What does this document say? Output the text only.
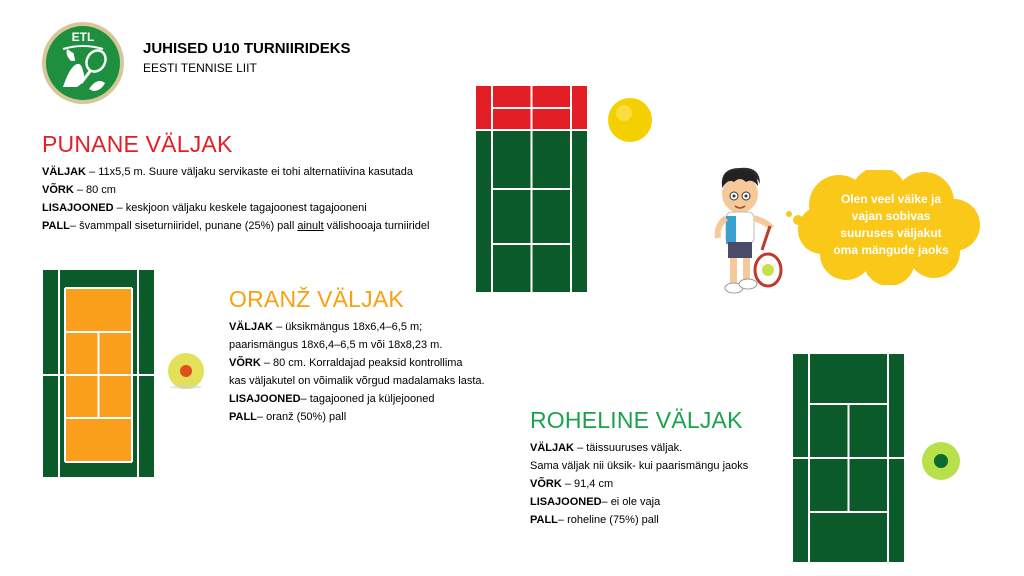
ETL
JUHISED U10 TURNIIRIDEKS
EESTI TENNISE LIIT
PUNANE VÄLJAK
VÄLJAK – 11x5,5 m. Suure väljaku servikaste ei tohi alternatiivina kasutada
VÕRK – 80 cm
LISAJOONED – keskjoon väljaku keskele tagajoonest tagajooneni
PALL– švammpall siseturniiridel, punane (25%) pall ainult välishooaja turniiridel
Olen veel väike ja
vajan sobivas
suuruses väljakut
oma mängude jaoks
ORANŽ VÄLJAK
VÄLJAK – üksikmängus 18x6,4–6,5 m;
paarismängus 18x6,4–6,5 m või 18x8,23 m.
VÕRK – 80 cm. Korraldajad peaksid kontrollima
kas väljakutel on võimalik võrgud madalamaks lasta.
LISAJOONED– tagajooned ja küljejooned
PALL– oranž (50%) pall	ROHELINE VÄLJAK
VÄLJAK – täissuuruses väljak.
Sama väljak nii üksik- kui paarismängu jaoks
VÕRK – 91,4 cm
LISAJOONED– ei ole vaja
PALL– roheline (75%) pall
